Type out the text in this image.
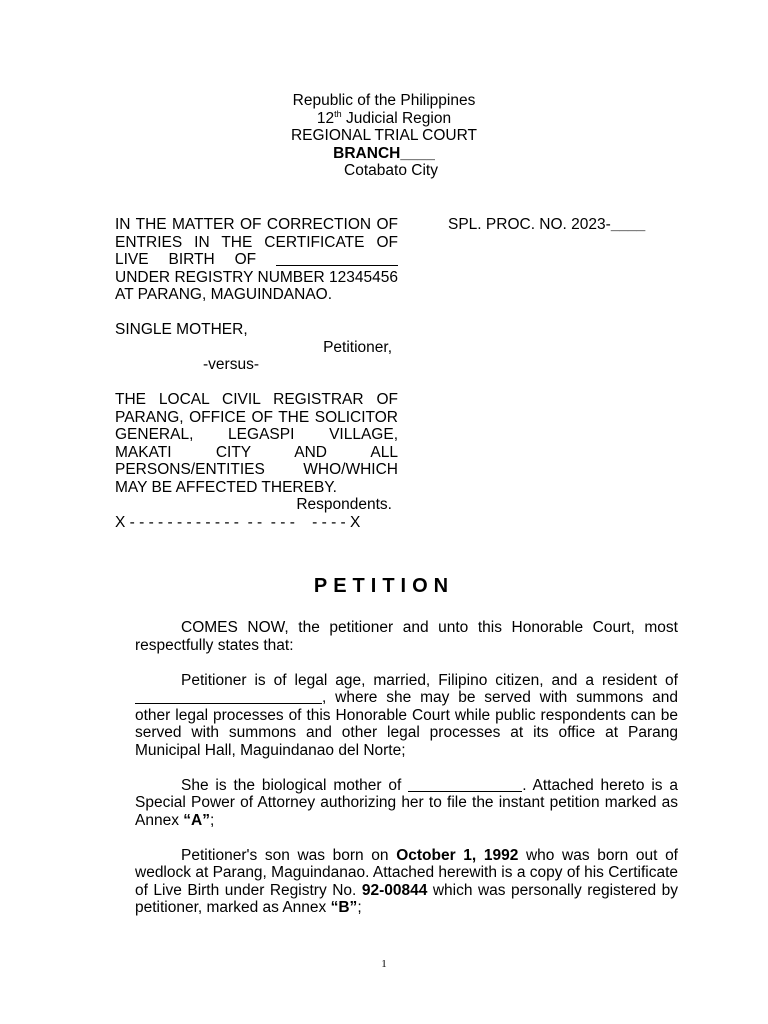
Republic of the Philippines
12th Judicial Region
REGIONAL TRIAL COURT
BRANCH____
Cotabato City

IN THE MATTER OF CORRECTION OF ENTRIES IN THE CERTIFICATE OF LIVE BIRTH OF  UNDER REGISTRY NUMBER 12345456 AT PARANG, MAGUINDANAO.

SINGLE MOTHER,

Petitioner,

-versus-

THE LOCAL CIVIL REGISTRAR OF PARANG, OFFICE OF THE SOLICITOR GENERAL, LEGASPI VILLAGE, MAKATI CITY AND ALL PERSONS/ENTITIES WHO/WHICH MAY BE AFFECTED THEREBY.

Respondents.

X - - - - - - - - - - - -  - -  - - -    - - - - X

SPL. PROC. NO. 2023-____
PETITION

COMES NOW, the petitioner and unto this Honorable Court, most respectfully states that:

Petitioner is of legal age, married, Filipino citizen, and a resident of , where she may be served with summons and other legal processes of this Honorable Court while public respondents can be served with summons and other legal processes at its office at Parang Municipal Hall, Maguindanao del Norte;

She is the biological mother of	. Attached hereto is a Special Power of Attorney authorizing her to file the instant petition marked as Annex “A”;

Petitioner's son was born on October 1, 1992 who was born out of wedlock at Parang, Maguindanao. Attached herewith is a copy of his Certificate of Live Birth under Registry No. 92-00844 which was personally registered by petitioner, marked as Annex “B”;

1
